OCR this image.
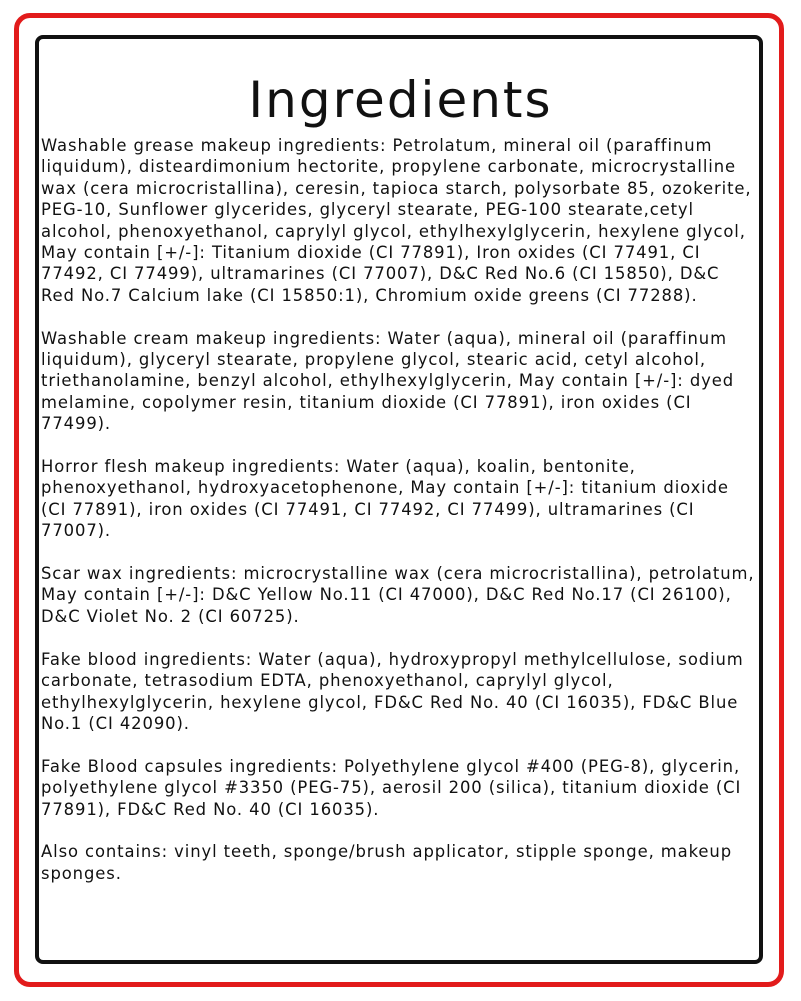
Ingredients

Washable grease makeup ingredients: Petrolatum, mineral oil (paraffinum liquidum), disteardimonium hectorite, propylene carbonate, microcrystalline wax (cera microcristallina), ceresin, tapioca starch, polysorbate 85, ozokerite, PEG-10, Sunflower glycerides, glyceryl stearate, PEG-100 stearate,cetyl alcohol, phenoxyethanol, caprylyl glycol, ethylhexylglycerin, hexylene glycol, May contain [+/-]: Titanium dioxide (CI 77891), Iron oxides (CI 77491, CI 77492, CI 77499), ultramarines (CI 77007), D&C Red No.6 (CI 15850), D&C Red No.7 Calcium lake (CI 15850:1), Chromium oxide greens (CI 77288).

Washable cream makeup ingredients: Water (aqua), mineral oil (paraffinum liquidum), glyceryl stearate, propylene glycol, stearic acid, cetyl alcohol, triethanolamine, benzyl alcohol, ethylhexylglycerin, May contain [+/-]: dyed melamine, copolymer resin, titanium dioxide (CI 77891), iron oxides (CI 77499).

Horror flesh makeup ingredients: Water (aqua), koalin, bentonite, phenoxyethanol, hydroxyacetophenone, May contain [+/-]: titanium dioxide (CI 77891), iron oxides (CI 77491, CI 77492, CI 77499), ultramarines (CI 77007).

Scar wax ingredients: microcrystalline wax (cera microcristallina), petrolatum, May contain [+/-]: D&C Yellow No.11 (CI 47000), D&C Red No.17 (CI 26100), D&C Violet No. 2 (CI 60725).

Fake blood ingredients: Water (aqua), hydroxypropyl methylcellulose, sodium carbonate, tetrasodium EDTA, phenoxyethanol, caprylyl glycol, ethylhexylglycerin, hexylene glycol, FD&C Red No. 40 (CI 16035), FD&C Blue No.1 (CI 42090).

Fake Blood capsules ingredients: Polyethylene glycol #400 (PEG-8), glycerin, polyethylene glycol #3350 (PEG-75), aerosil 200 (silica), titanium dioxide (CI 77891), FD&C Red No. 40 (CI 16035).

Also contains: vinyl teeth, sponge/brush applicator, stipple sponge, makeup sponges.
